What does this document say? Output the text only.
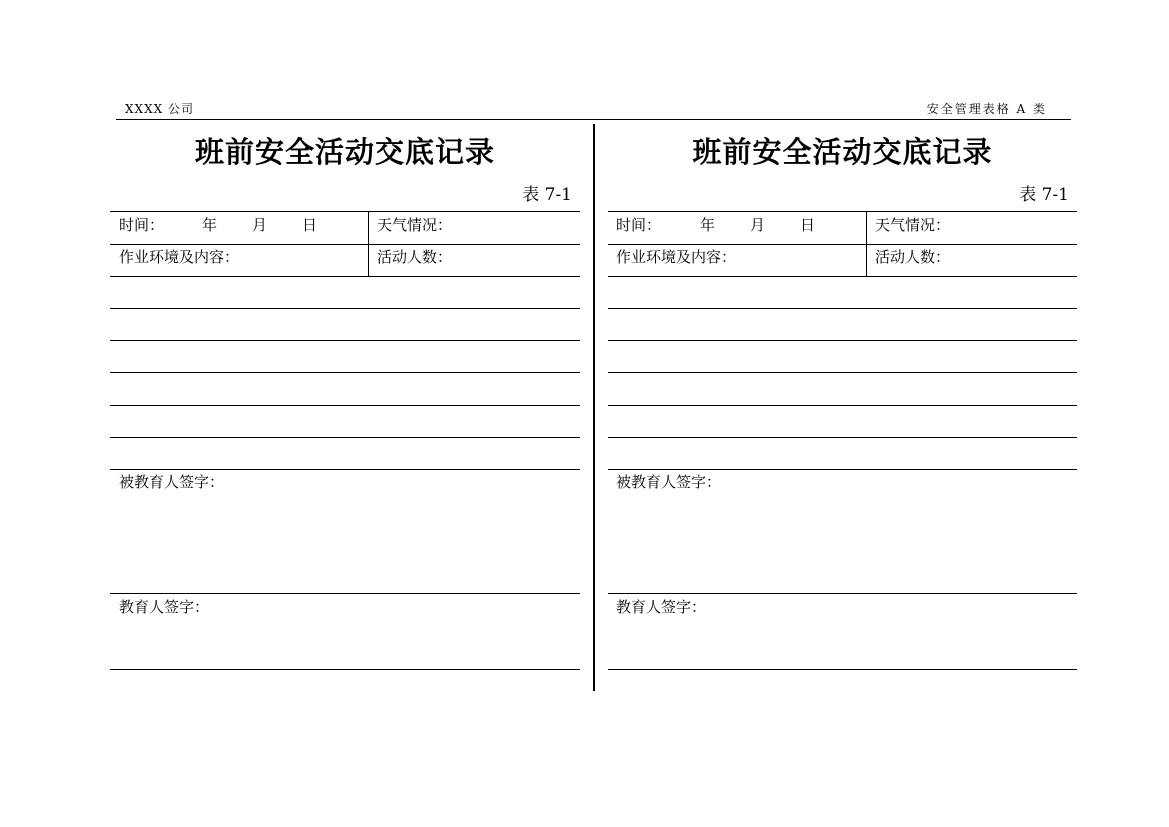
XXXX 公司	安全管理表格 A 类
班前安全活动交底记录
表 7-1
时间：	年 月 日	天气情况：
作业环境及内容：	活动人数：
被教育人签字：
教育人签字：
班前安全活动交底记录
表 7-1
时间：	年 月 日	天气情况：
作业环境及内容：	活动人数：
被教育人签字：
教育人签字：
